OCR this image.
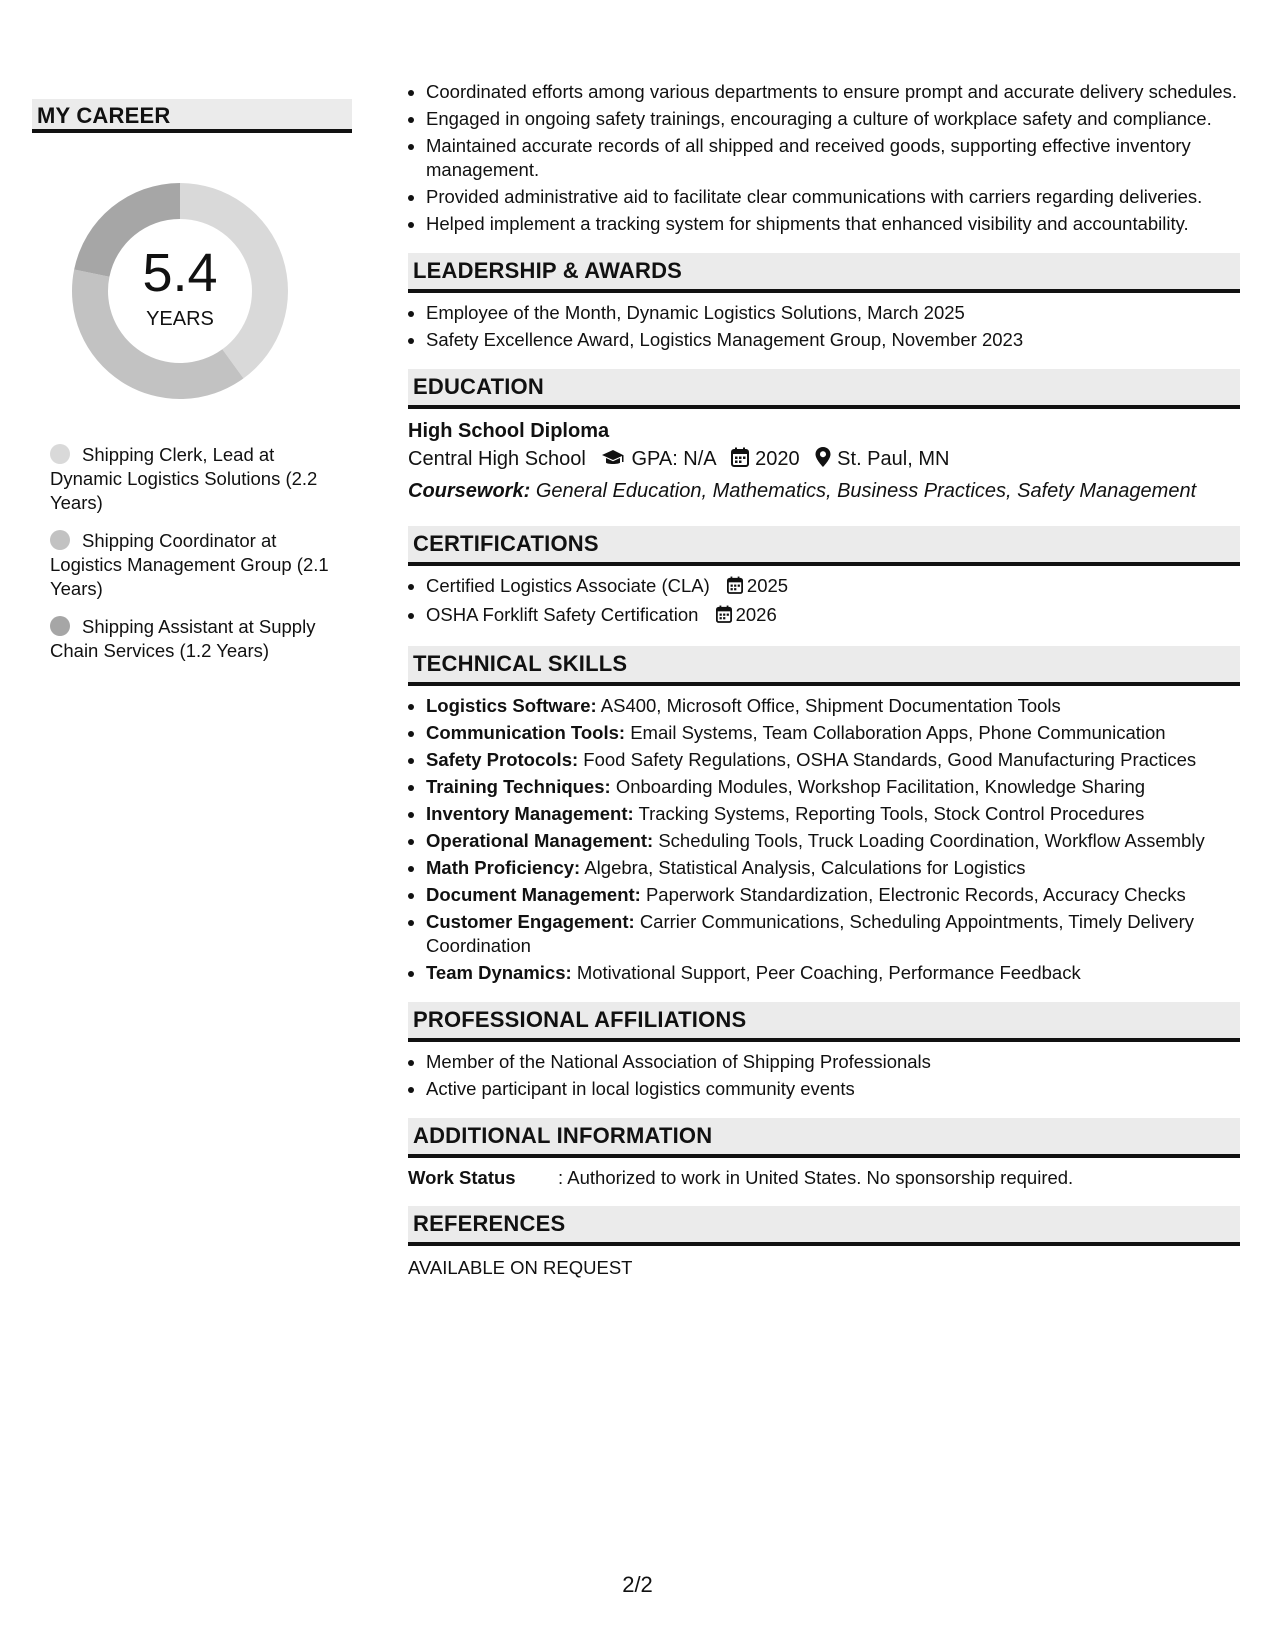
MY CAREER
5.4
YEARS
Shipping Clerk, Lead at Dynamic Logistics Solutions (2.2 Years)
Shipping Coordinator at Logistics Management Group (2.1 Years)
Shipping Assistant at Supply Chain Services (1.2 Years)
• Coordinated efforts among various departments to ensure prompt and accurate delivery schedules.
• Engaged in ongoing safety trainings, encouraging a culture of workplace safety and compliance.
• Maintained accurate records of all shipped and received goods, supporting effective inventory management.
• Provided administrative aid to facilitate clear communications with carriers regarding deliveries.
• Helped implement a tracking system for shipments that enhanced visibility and accountability.
LEADERSHIP & AWARDS
• Employee of the Month, Dynamic Logistics Solutions, March 2025
• Safety Excellence Award, Logistics Management Group, November 2023
EDUCATION
High School Diploma
Central High School GPA: N/A 2020 St. Paul, MN
Coursework: General Education, Mathematics, Business Practices, Safety Management
CERTIFICATIONS
• Certified Logistics Associate (CLA) 2025
• OSHA Forklift Safety Certification 2026
TECHNICAL SKILLS
• Logistics Software: AS400, Microsoft Office, Shipment Documentation Tools
• Communication Tools: Email Systems, Team Collaboration Apps, Phone Communication
• Safety Protocols: Food Safety Regulations, OSHA Standards, Good Manufacturing Practices
• Training Techniques: Onboarding Modules, Workshop Facilitation, Knowledge Sharing
• Inventory Management: Tracking Systems, Reporting Tools, Stock Control Procedures
• Operational Management: Scheduling Tools, Truck Loading Coordination, Workflow Assembly
• Math Proficiency: Algebra, Statistical Analysis, Calculations for Logistics
• Document Management: Paperwork Standardization, Electronic Records, Accuracy Checks
• Customer Engagement: Carrier Communications, Scheduling Appointments, Timely Delivery Coordination
• Team Dynamics: Motivational Support, Peer Coaching, Performance Feedback
PROFESSIONAL AFFILIATIONS
• Member of the National Association of Shipping Professionals
• Active participant in local logistics community events
ADDITIONAL INFORMATION
Work Status : Authorized to work in United States. No sponsorship required.
REFERENCES
AVAILABLE ON REQUEST
2/2
